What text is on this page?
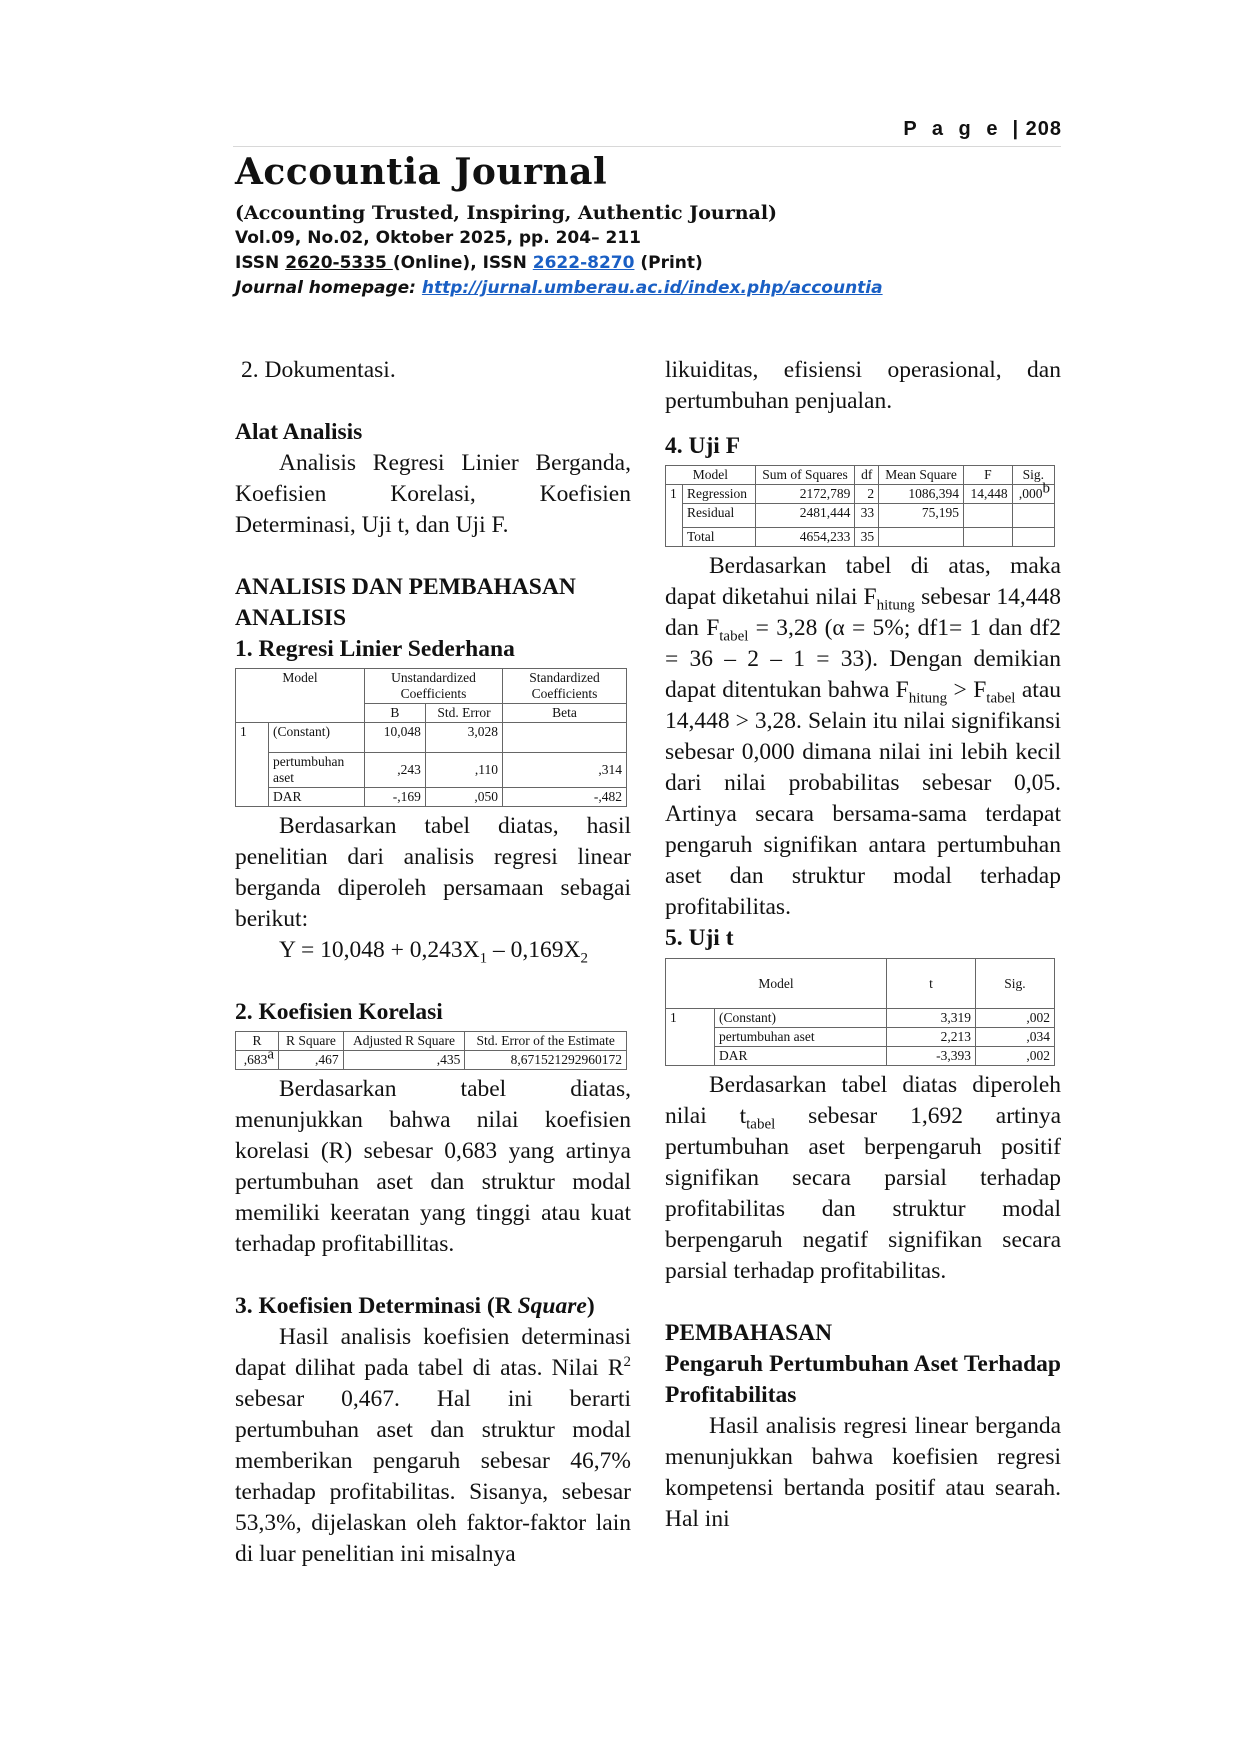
P a g e | 208
Accountia Journal
(Accounting Trusted, Inspiring, Authentic Journal)
Vol.09, No.02, Oktober 2025, pp. 204– 211
ISSN 2620-5335 (Online), ISSN 2622-8270 (Print)
Journal homepage: http://jurnal.umberau.ac.id/index.php/accountia

2. Dokumentasi.

Alat Analisis

Analisis Regresi Linier Berganda, Koefisien Korelasi, Koefisien Determinasi, Uji t, dan Uji F.

ANALISIS DAN PEMBAHASAN ANALISIS

1. Regresi Linier Sederhana

Model		Unstandardized Coefficients		Standardized Coefficients
		B	Std. Error	Beta
1	(Constant)	10,048	3,028	
	pertumbuhan aset	,243	,110	,314
	DAR	-,169	,050	-,482

Berdasarkan tabel diatas, hasil penelitian dari analisis regresi linear berganda diperoleh persamaan sebagai berikut:

$Y = 10,048 + 0,243X_1 - 0,169X_2$

2. Koefisien Korelasi

R	R Square	Adjusted R Square	Std. Error of the Estimate
,683$^a$	,467	,435	8,671521292960172

Berdasarkan tabel diatas, menunjukkan bahwa nilai koefisien korelasi (R) sebesar 0,683 yang artinya pertumbuhan aset dan struktur modal memiliki keeratan yang tinggi atau kuat terhadap profitabillitas.

3. Koefisien Determinasi (R Square)

Hasil analisis koefisien determinasi dapat dilihat pada tabel di atas. Nilai $R^2$ sebesar 0,467. Hal ini berarti pertumbuhan aset dan struktur modal memberikan pengaruh sebesar 46,7% terhadap profitabilitas. Sisanya, sebesar 53,3%, dijelaskan oleh faktor-faktor lain di luar penelitian ini misalnya

likuiditas, efisiensi operasional, dan pertumbuhan penjualan.

4. Uji F

Model		Sum of Squares	df	Mean Square	F	Sig.
1	Regression	2172,789	2	1086,394	14,448	,000$^b$
	Residual	2481,444	33	75,195		
	Total	4654,233	35			

Berdasarkan tabel di atas, maka dapat diketahui nilai $F_{hitung}$ sebesar 14,448 dan $F_{tabel} = 3,28$ (α = 5%; df1= 1 dan df2 = 36 – 2 – 1 = 33). Dengan demikian dapat ditentukan bahwa $F_{hitung} > F_{tabel}$ atau 14,448 > 3,28. Selain itu nilai signifikansi sebesar 0,000 dimana nilai ini lebih kecil dari nilai probabilitas sebesar 0,05. Artinya secara bersama-sama terdapat pengaruh signifikan antara pertumbuhan aset dan struktur modal terhadap profitabilitas.

5. Uji t

Model		t	Sig.
1	(Constant)	3,319	,002
	pertumbuhan aset	2,213	,034
	DAR	-3,393	,002

Berdasarkan tabel diatas diperoleh nilai $t_{tabel}$ sebesar 1,692 artinya pertumbuhan aset berpengaruh positif signifikan secara parsial terhadap profitabilitas dan struktur modal berpengaruh negatif signifikan secara parsial terhadap profitabilitas.

PEMBAHASAN

Pengaruh Pertumbuhan Aset Terhadap Profitabilitas

Hasil analisis regresi linear berganda menunjukkan bahwa koefisien regresi kompetensi bertanda positif atau searah. Hal ini
